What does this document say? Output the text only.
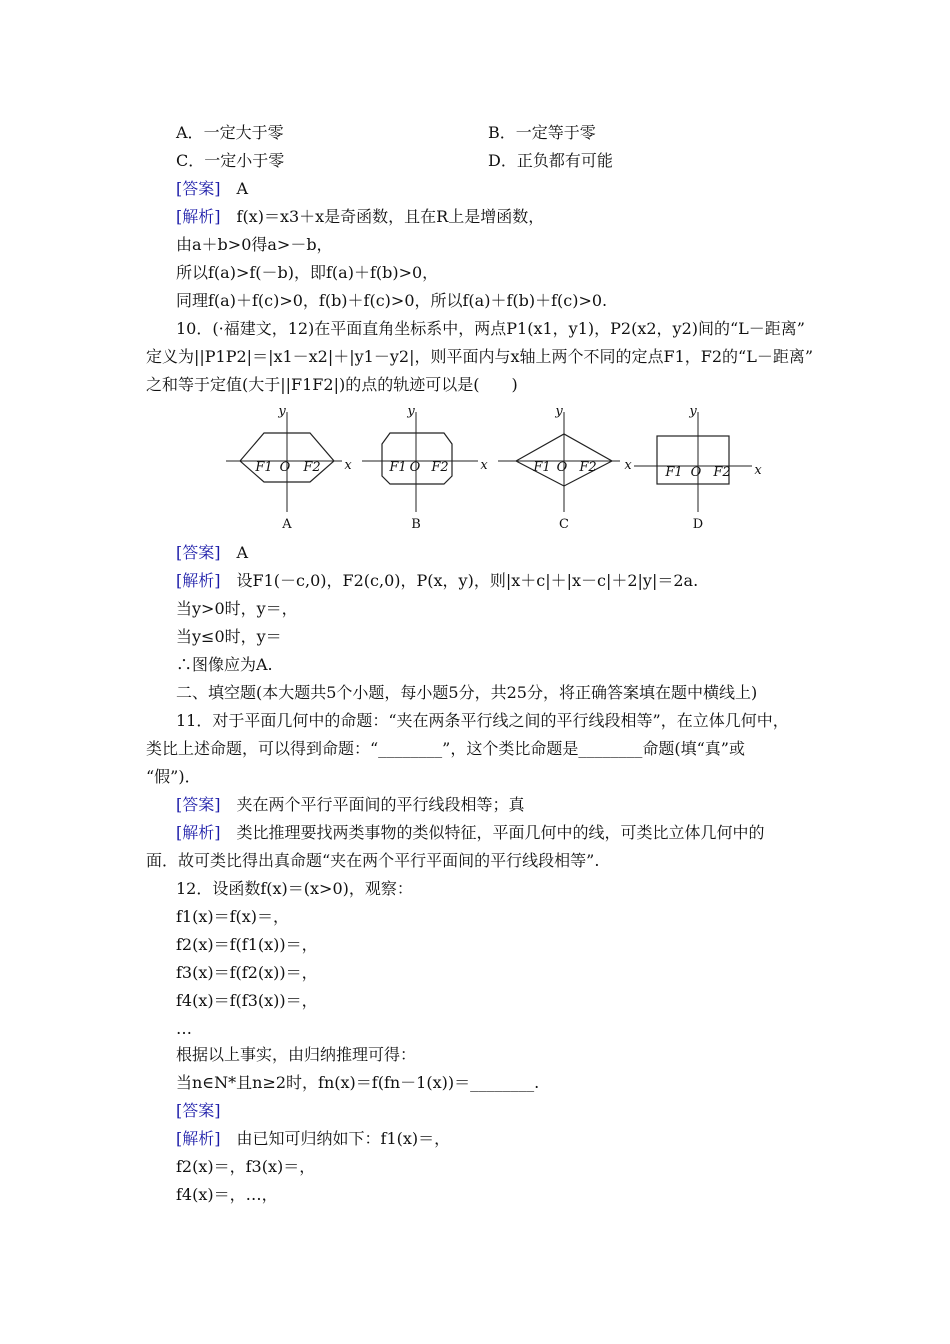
A．一定大于零	B．一定等于零
C．一定小于零	D．正负都有可能
[答案]　 A
[解析]　 f(x)＝x3＋x是奇函数，且在R上是增函数，
由a＋b>0得a>－b，
所以f(a)>f(－b)，即f(a)＋f(b)>0，
同理f(a)＋f(c)>0，f(b)＋f(c)>0，所以f(a)＋f(b)＋f(c)>0.
10．(·福建文，12)在平面直角坐标系中，两点P1(x1，y1)，P2(x2，y2)间的“L－距离”
定义为||P1P2|＝|x1－x2|＋|y1－y2|，则平面内与x轴上两个不同的定点F1，F2的“L－距离”
之和等于定值(大于||F1F2|)的点的轨迹可以是(　　)
y
x
F1 O	F2
A
y
x
F1 O F2
B
y
x
F1 O F2
C
y
x
F1 O F2
D
[答案]　 A
[解析]　 设F1(－c,0)，F2(c,0)，P(x，y)，则|x＋c|＋|x－c|＋2|y|＝2a.
当y>0时，y＝，
当y≤0时，y＝
∴图像应为A.
二、填空题(本大题共5个小题，每小题5分，共25分，将正确答案填在题中横线上)
11．对于平面几何中的命题：“夹在两条平行线之间的平行线段相等”，在立体几何中，
类比上述命题，可以得到命题：“________”，这个类比命题是________命题(填“真”或
“假”)．
[答案]　 夹在两个平行平面间的平行线段相等；真
[解析]　 类比推理要找两类事物的类似特征，平面几何中的线，可类比立体几何中的
面．故可类比得出真命题“夹在两个平行平面间的平行线段相等”.
12．设函数f(x)＝(x>0)，观察：
f1(x)＝f(x)＝，
f2(x)＝f(f1(x))＝，
f3(x)＝f(f2(x))＝，
f4(x)＝f(f3(x))＝，
…
根据以上事实，由归纳推理可得：
当n∈N*且n≥2时，fn(x)＝f(fn－1(x))＝________.
[答案]
[解析]　 由已知可归纳如下：f1(x)＝，
f2(x)＝，f3(x)＝，
f4(x)＝，…，
